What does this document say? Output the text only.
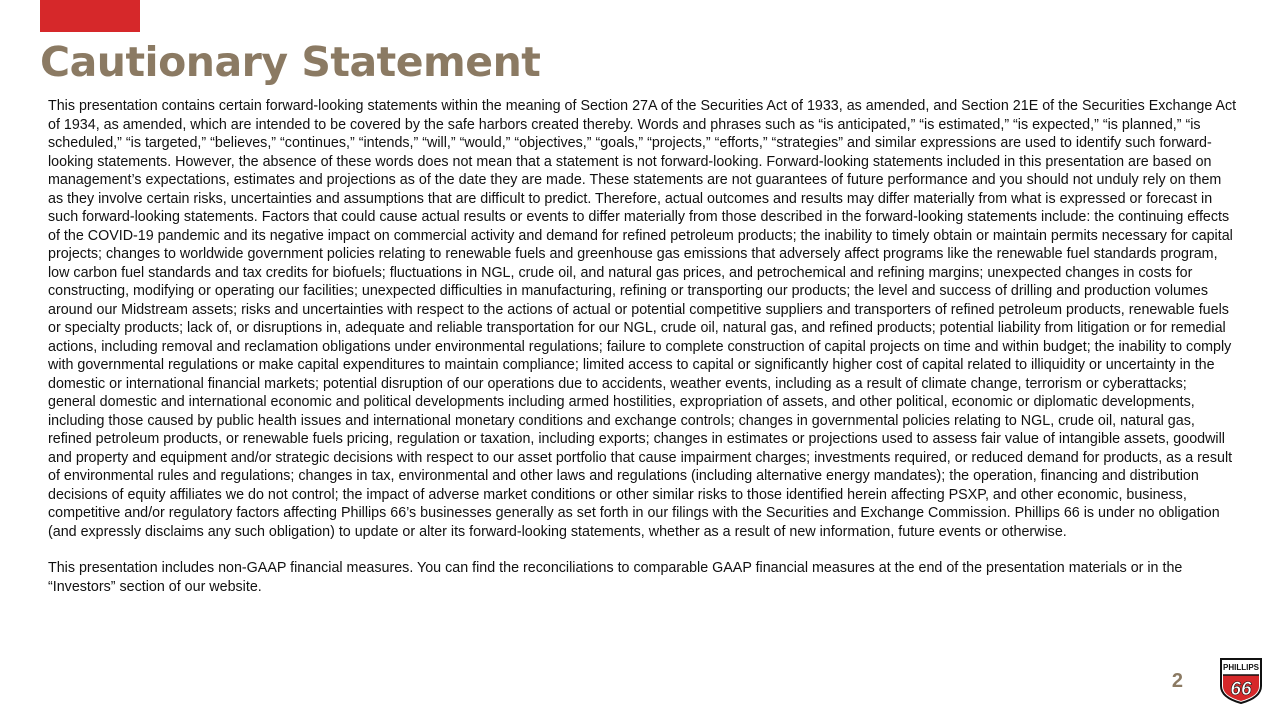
Cautionary Statement

This presentation contains certain forward-looking statements within the meaning of Section 27A of the Securities Act of 1933, as amended, and Section 21E of the Securities Exchange Act of 1934, as amended, which are intended to be covered by the safe harbors created thereby. Words and phrases such as “is anticipated,” “is estimated,” “is expected,” “is planned,” “is scheduled,” “is targeted,” “believes,” “continues,” “intends,” “will,” “would,” “objectives,” “goals,” “projects,” “efforts,” “strategies” and similar expressions are used to identify such forward-looking statements. However, the absence of these words does not mean that a statement is not forward-looking. Forward-looking statements included in this presentation are based on management’s expectations, estimates and projections as of the date they are made. These statements are not guarantees of future performance and you should not unduly rely on them as they involve certain risks, uncertainties and assumptions that are difficult to predict. Therefore, actual outcomes and results may differ materially from what is expressed or forecast in such forward-looking statements. Factors that could cause actual results or events to differ materially from those described in the forward-looking statements include: the continuing effects of the COVID-19 pandemic and its negative impact on commercial activity and demand for refined petroleum products; the inability to timely obtain or maintain permits necessary for capital projects; changes to worldwide government policies relating to renewable fuels and greenhouse gas emissions that adversely affect programs like the renewable fuel standards program, low carbon fuel standards and tax credits for biofuels; fluctuations in NGL, crude oil, and natural gas prices, and petrochemical and refining margins; unexpected changes in costs for constructing, modifying or operating our facilities; unexpected difficulties in manufacturing, refining or transporting our products; the level and success of drilling and production volumes around our Midstream assets; risks and uncertainties with respect to the actions of actual or potential competitive suppliers and transporters of refined petroleum products, renewable fuels or specialty products; lack of, or disruptions in, adequate and reliable transportation for our NGL, crude oil, natural gas, and refined products; potential liability from litigation or for remedial actions, including removal and reclamation obligations under environmental regulations; failure to complete construction of capital projects on time and within budget; the inability to comply with governmental regulations or make capital expenditures to maintain compliance; limited access to capital or significantly higher cost of capital related to illiquidity or uncertainty in the domestic or international financial markets; potential disruption of our operations due to accidents, weather events, including as a result of climate change, terrorism or cyberattacks; general domestic and international economic and political developments including armed hostilities, expropriation of assets, and other political, economic or diplomatic developments, including those caused by public health issues and international monetary conditions and exchange controls; changes in governmental policies relating to NGL, crude oil, natural gas, refined petroleum products, or renewable fuels pricing, regulation or taxation, including exports; changes in estimates or projections used to assess fair value of intangible assets, goodwill and property and equipment and/or strategic decisions with respect to our asset portfolio that cause impairment charges; investments required, or reduced demand for products, as a result of environmental rules and regulations; changes in tax, environmental and other laws and regulations (including alternative energy mandates); the operation, financing and distribution decisions of equity affiliates we do not control; the impact of adverse market conditions or other similar risks to those identified herein affecting PSXP, and other economic, business, competitive and/or regulatory factors affecting Phillips 66’s businesses generally as set forth in our filings with the Securities and Exchange Commission. Phillips 66 is under no obligation (and expressly disclaims any such obligation) to update or alter its forward-looking statements, whether as a result of new information, future events or otherwise.

This presentation includes non-GAAP financial measures. You can find the reconciliations to comparable GAAP financial measures at the end of the presentation materials or in the “Investors” section of our website.

2
PHILLIPS
66
